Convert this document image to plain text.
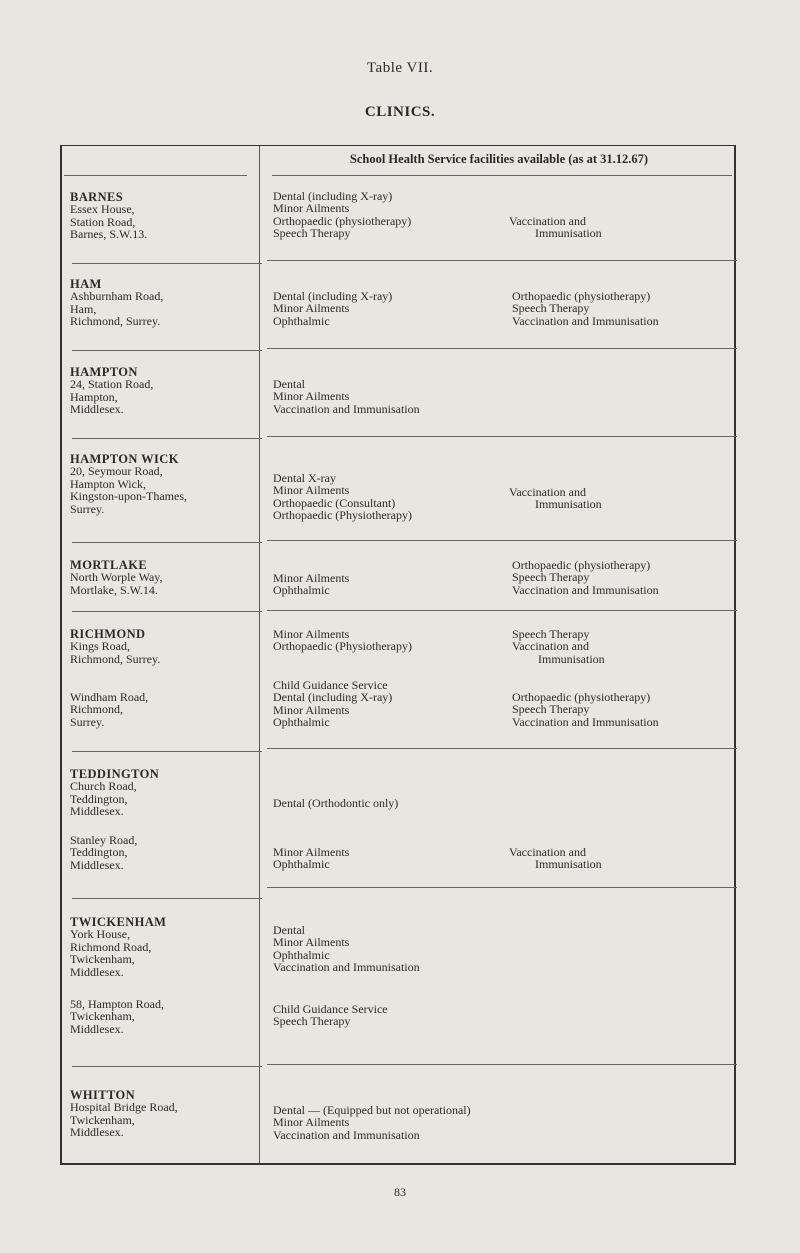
Table VII.
CLINICS.
School Health Service facilities available (as at 31.12.67)
BARNES
Essex House,
Station Road,
Barnes, S.W.13.
Dental (including X-ray)
Minor Ailments
Orthopaedic (physiotherapy)
Speech Therapy
Vaccination and
Immunisation
HAM
Ashburnham Road,
Ham,
Richmond, Surrey.
Dental (including X-ray)
Minor Ailments
Ophthalmic
Orthopaedic (physiotherapy)
Speech Therapy
Vaccination and Immunisation
HAMPTON
24, Station Road,
Hampton,
Middlesex.
Dental
Minor Ailments
Vaccination and Immunisation
HAMPTON WICK
20, Seymour Road,
Hampton Wick,
Kingston-upon-Thames,
Surrey.
Dental X-ray
Minor Ailments
Orthopaedic (Consultant)
Orthopaedic (Physiotherapy)
Vaccination and
Immunisation
MORTLAKE
North Worple Way,
Mortlake, S.W.14.
Minor Ailments
Ophthalmic
Orthopaedic (physiotherapy)
Speech Therapy
Vaccination and Immunisation
RICHMOND
Kings Road,
Richmond, Surrey.
Minor Ailments
Orthopaedic (Physiotherapy)
Speech Therapy
Vaccination and
Immunisation
Windham Road,
Richmond,
Surrey.
Child Guidance Service
Dental (including X-ray)
Minor Ailments
Ophthalmic
Orthopaedic (physiotherapy)
Speech Therapy
Vaccination and Immunisation
TEDDINGTON
Church Road,
Teddington,
Middlesex.
Dental (Orthodontic only)
Stanley Road,
Teddington,
Middlesex.
Minor Ailments
Ophthalmic
Vaccination and
Immunisation
TWICKENHAM
York House,
Richmond Road,
Twickenham,
Middlesex.
Dental
Minor Ailments
Ophthalmic
Vaccination and Immunisation
58, Hampton Road,
Twickenham,
Middlesex.
Child Guidance Service
Speech Therapy
WHITTON
Hospital Bridge Road,
Twickenham,
Middlesex.
Dental — (Equipped but not operational)
Minor Ailments
Vaccination and Immunisation
83
